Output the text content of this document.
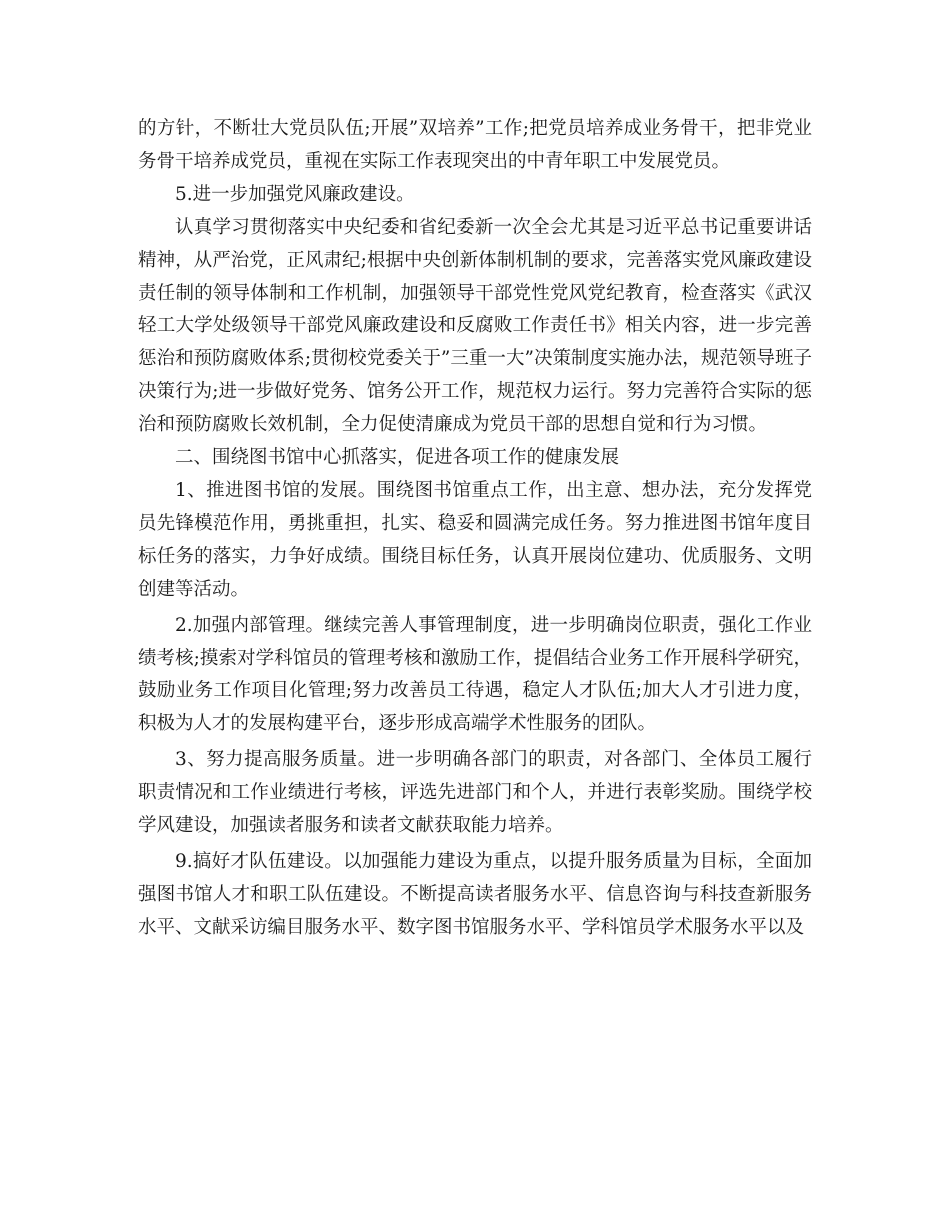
的方针，不断壮大党员队伍;开展”双培养”工作;把党员培养成业务骨干，把非党业务骨干培养成党员，重视在实际工作表现突出的中青年职工中发展党员。

5.进一步加强党风廉政建设。

认真学习贯彻落实中央纪委和省纪委新一次全会尤其是习近平总书记重要讲话精神，从严治党，正风肃纪;根据中央创新体制机制的要求，完善落实党风廉政建设责任制的领导体制和工作机制，加强领导干部党性党风党纪教育，检查落实《武汉轻工大学处级领导干部党风廉政建设和反腐败工作责任书》相关内容，进一步完善惩治和预防腐败体系;贯彻校党委关于”三重一大”决策制度实施办法，规范领导班子决策行为;进一步做好党务、馆务公开工作，规范权力运行。努力完善符合实际的惩治和预防腐败长效机制，全力促使清廉成为党员干部的思想自觉和行为习惯。

二、围绕图书馆中心抓落实，促进各项工作的健康发展

1、推进图书馆的发展。围绕图书馆重点工作，出主意、想办法，充分发挥党员先锋模范作用，勇挑重担，扎实、稳妥和圆满完成任务。努力推进图书馆年度目标任务的落实，力争好成绩。围绕目标任务，认真开展岗位建功、优质服务、文明创建等活动。

2.加强内部管理。继续完善人事管理制度，进一步明确岗位职责，强化工作业绩考核;摸索对学科馆员的管理考核和激励工作，提倡结合业务工作开展科学研究，鼓励业务工作项目化管理;努力改善员工待遇，稳定人才队伍;加大人才引进力度，积极为人才的发展构建平台，逐步形成高端学术性服务的团队。

3、努力提高服务质量。进一步明确各部门的职责，对各部门、全体员工履行职责情况和工作业绩进行考核，评选先进部门和个人，并进行表彰奖励。围绕学校学风建设，加强读者服务和读者文献获取能力培养。

9.搞好才队伍建设。以加强能力建设为重点，以提升服务质量为目标，全面加强图书馆人才和职工队伍建设。不断提高读者服务水平、信息咨询与科技查新服务水平、文献采访编目服务水平、数字图书馆服务水平、学科馆员学术服务水平以及
